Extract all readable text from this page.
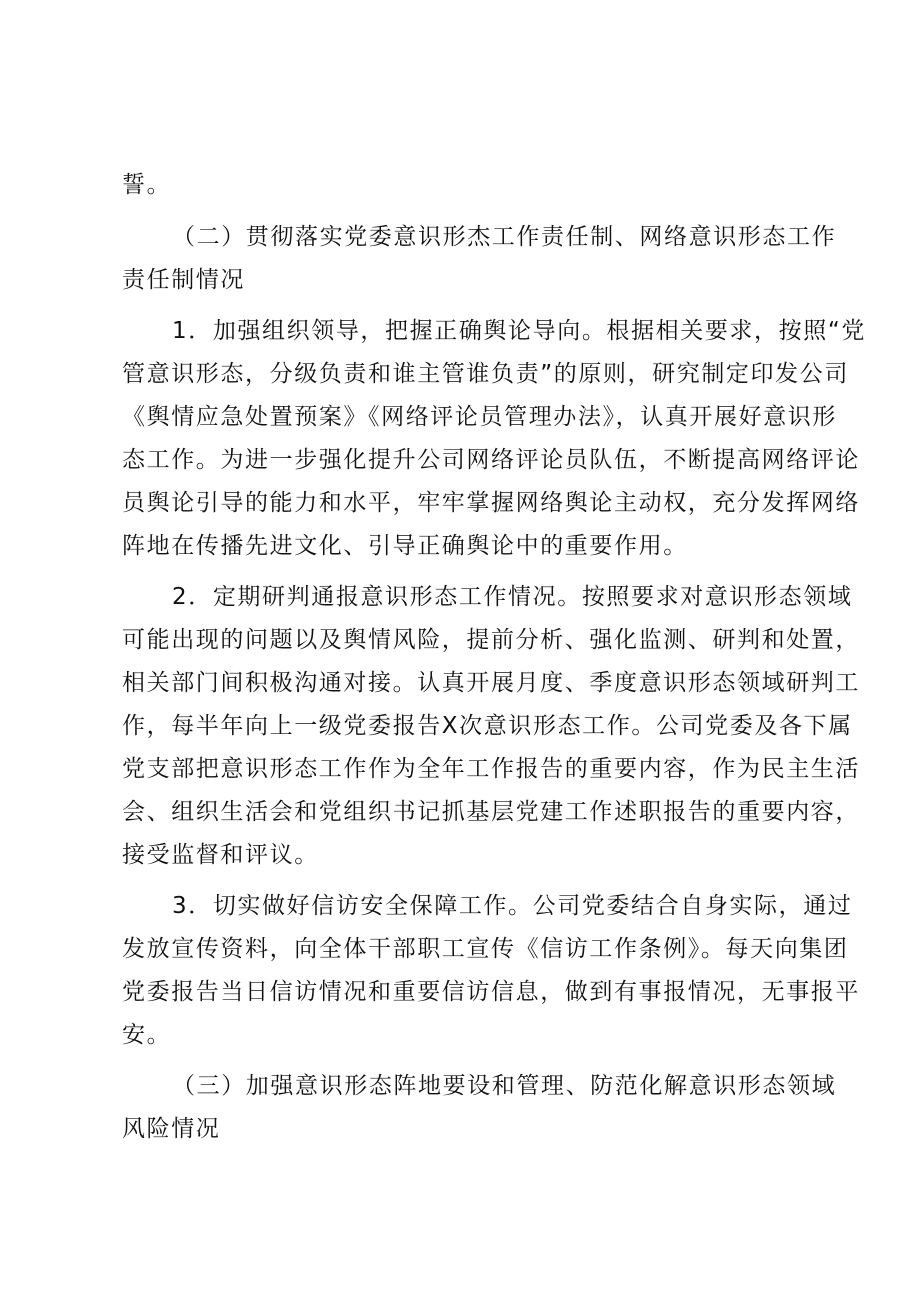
誓。
（二）贯彻落实党委意识形杰工作责任制、网络意识形态工作
责任制情况
1．加强组织领导，把握正确舆论导向。根据相关要求，按照“党
管意识形态，分级负责和谁主管谁负责”的原则，研究制定印发公司
《舆情应急处置预案》《网络评论员管理办法》，认真开展好意识形
态工作。为进一步强化提升公司网络评论员队伍，不断提高网络评论
员舆论引导的能力和水平，牢牢掌握网络舆论主动权，充分发挥网络
阵地在传播先进文化、引导正确舆论中的重要作用。
2．定期研判通报意识形态工作情况。按照要求对意识形态领域
可能出现的问题以及舆情风险，提前分析、强化监测、研判和处置，
相关部门间积极沟通对接。认真开展月度、季度意识形态领域研判工
作，每半年向上一级党委报告X次意识形态工作。公司党委及各下属
党支部把意识形态工作作为全年工作报告的重要内容，作为民主生活
会、组织生活会和党组织书记抓基层党建工作述职报告的重要内容，
接受监督和评议。
3．切实做好信访安全保障工作。公司党委结合自身实际，通过
发放宣传资料，向全体干部职工宣传《信访工作条例》。每天向集团
党委报告当日信访情况和重要信访信息，做到有事报情况，无事报平
安。
（三）加强意识形态阵地要设和管理、防范化解意识形态领域
风险情况
